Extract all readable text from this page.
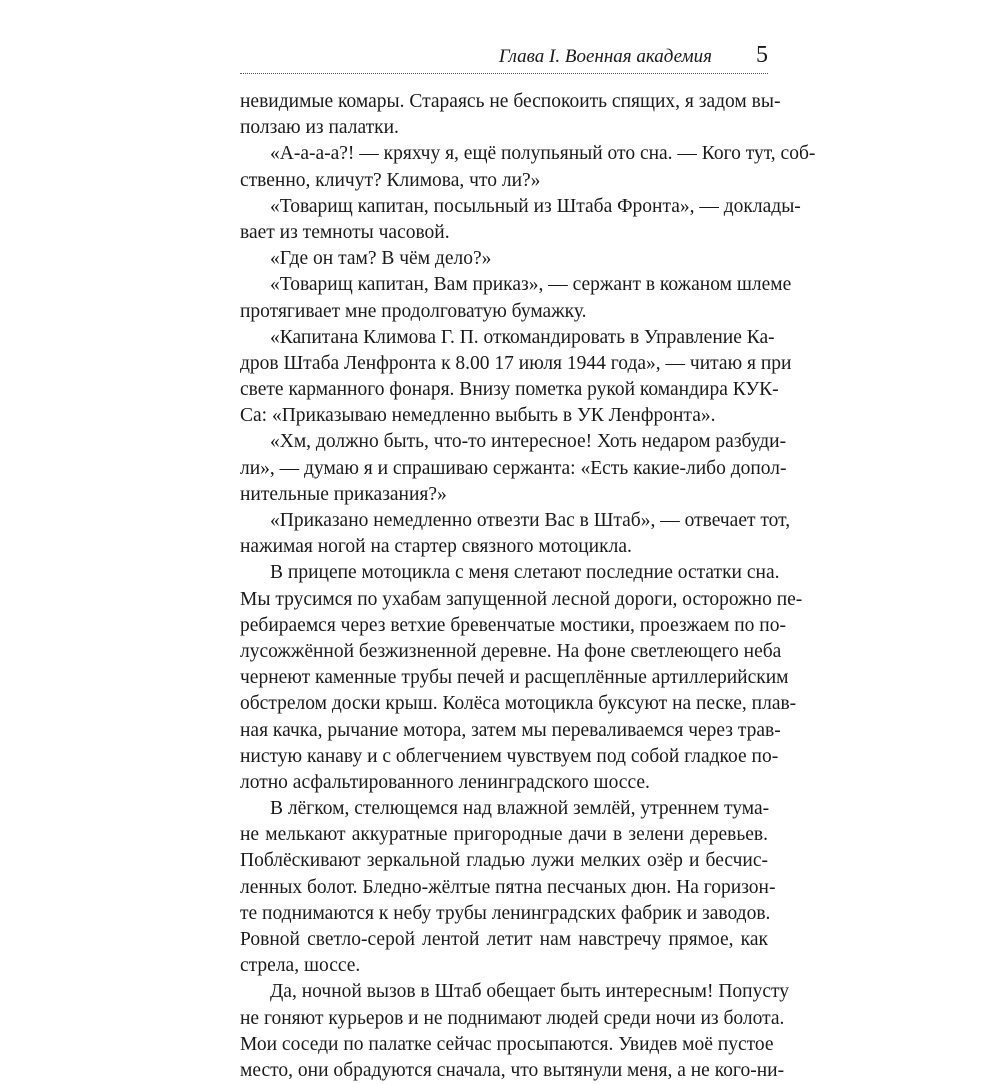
Глава I. Военная академия 5
невидимые комары. Стараясь не беспокоить спящих, я задом вы-
ползаю из палатки.
«А-а-а-а?! — кряхчу я, ещё полупьяный ото сна. — Кого тут, соб-
ственно, кличут? Климова, что ли?»
«Товарищ капитан, посыльный из Штаба Фронта», — доклады-
вает из темноты часовой.
«Где он там? В чём дело?»
«Товарищ капитан, Вам приказ», — сержант в кожаном шлеме
протягивает мне продолговатую бумажку.
«Капитана Климова Г. П. откомандировать в Управление Ка-
дров Штаба Ленфронта к 8.00 17 июля 1944 года», — читаю я при
свете карманного фонаря. Внизу пометка рукой командира КУК-
Са: «Приказываю немедленно выбыть в УК Ленфронта».
«Хм, должно быть, что-то интересное! Хоть недаром разбуди-
ли», — думаю я и спрашиваю сержанта: «Есть какие-либо допол-
нительные приказания?»
«Приказано немедленно отвезти Вас в Штаб», — отвечает тот,
нажимая ногой на стартер связного мотоцикла.
В прицепе мотоцикла с меня слетают последние остатки сна.
Мы трусимся по ухабам запущенной лесной дороги, осторожно пе-
ребираемся через ветхие бревенчатые мостики, проезжаем по по-
лусожжённой безжизненной деревне. На фоне светлеющего неба
чернеют каменные трубы печей и расщеплённые артиллерийским
обстрелом доски крыш. Колёса мотоцикла буксуют на песке, плав-
ная качка, рычание мотора, затем мы переваливаемся через трав-
нистую канаву и с облегчением чувствуем под собой гладкое по-
лотно асфальтированного ленинградского шоссе.
В лёгком, стелющемся над влажной землёй, утреннем тума-
не мелькают аккуратные пригородные дачи в зелени деревьев.
Поблёскивают зеркальной гладью лужи мелких озёр и бесчис-
ленных болот. Бледно-жёлтые пятна песчаных дюн. На горизон-
те поднимаются к небу трубы ленинградских фабрик и заводов.
Ровной светло-серой лентой летит нам навстречу прямое, как
стрела, шоссе.
Да, ночной вызов в Штаб обещает быть интересным! Попусту
не гоняют курьеров и не поднимают людей среди ночи из болота.
Мои соседи по палатке сейчас просыпаются. Увидев моё пустое
место, они обрадуются сначала, что вытянули меня, а не кого-ни-
